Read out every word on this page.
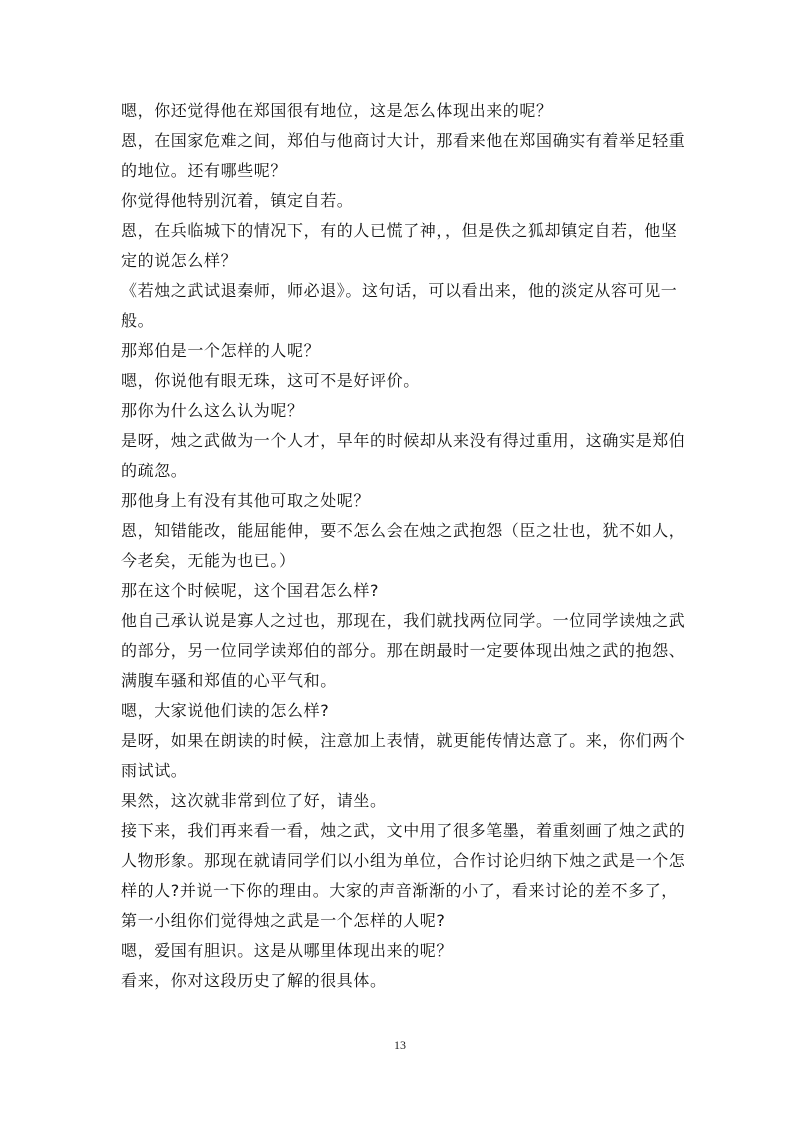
嗯，你还觉得他在郑国很有地位，这是怎么体现出来的呢？

恩，在国家危难之间，郑伯与他商讨大计，那看来他在郑国确实有着举足轻重的地位。还有哪些呢？

你觉得他特别沉着，镇定自若。

恩，在兵临城下的情况下，有的人已慌了神，，但是佚之狐却镇定自若，他坚定的说怎么样？

《若烛之武试退秦师，师必退》。这句话，可以看出来，他的淡定从容可见一般。

那郑伯是一个怎样的人呢？

嗯，你说他有眼无珠，这可不是好评价。

那你为什么这么认为呢？

是呀，烛之武做为一个人才，早年的时候却从来没有得过重用，这确实是郑伯的疏忽。

那他身上有没有其他可取之处呢？

恩，知错能改，能屈能伸，要不怎么会在烛之武抱怨（臣之壮也，犹不如人，今老矣，无能为也已。）

那在这个时候呢，这个国君怎么样?

他自己承认说是寡人之过也，那现在，我们就找两位同学。一位同学读烛之武的部分，另一位同学读郑伯的部分。那在朗最时一定要体现出烛之武的抱怨、满腹车骚和郑值的心平气和。

嗯，大家说他们读的怎么样?

是呀，如果在朗读的时候，注意加上表情，就更能传情达意了。来，你们两个雨试试。

果然，这次就非常到位了好，请坐。

接下来，我们再来看一看，烛之武，文中用了很多笔墨，着重刻画了烛之武的人物形象。那现在就请同学们以小组为单位，合作讨论归纳下烛之武是一个怎样的人?并说一下你的理由。大家的声音渐渐的小了，看来讨论的差不多了，第一小组你们觉得烛之武是一个怎样的人呢?

嗯，爱国有胆识。这是从哪里体现出来的呢？

看来，你对这段历史了解的很具体。

13
